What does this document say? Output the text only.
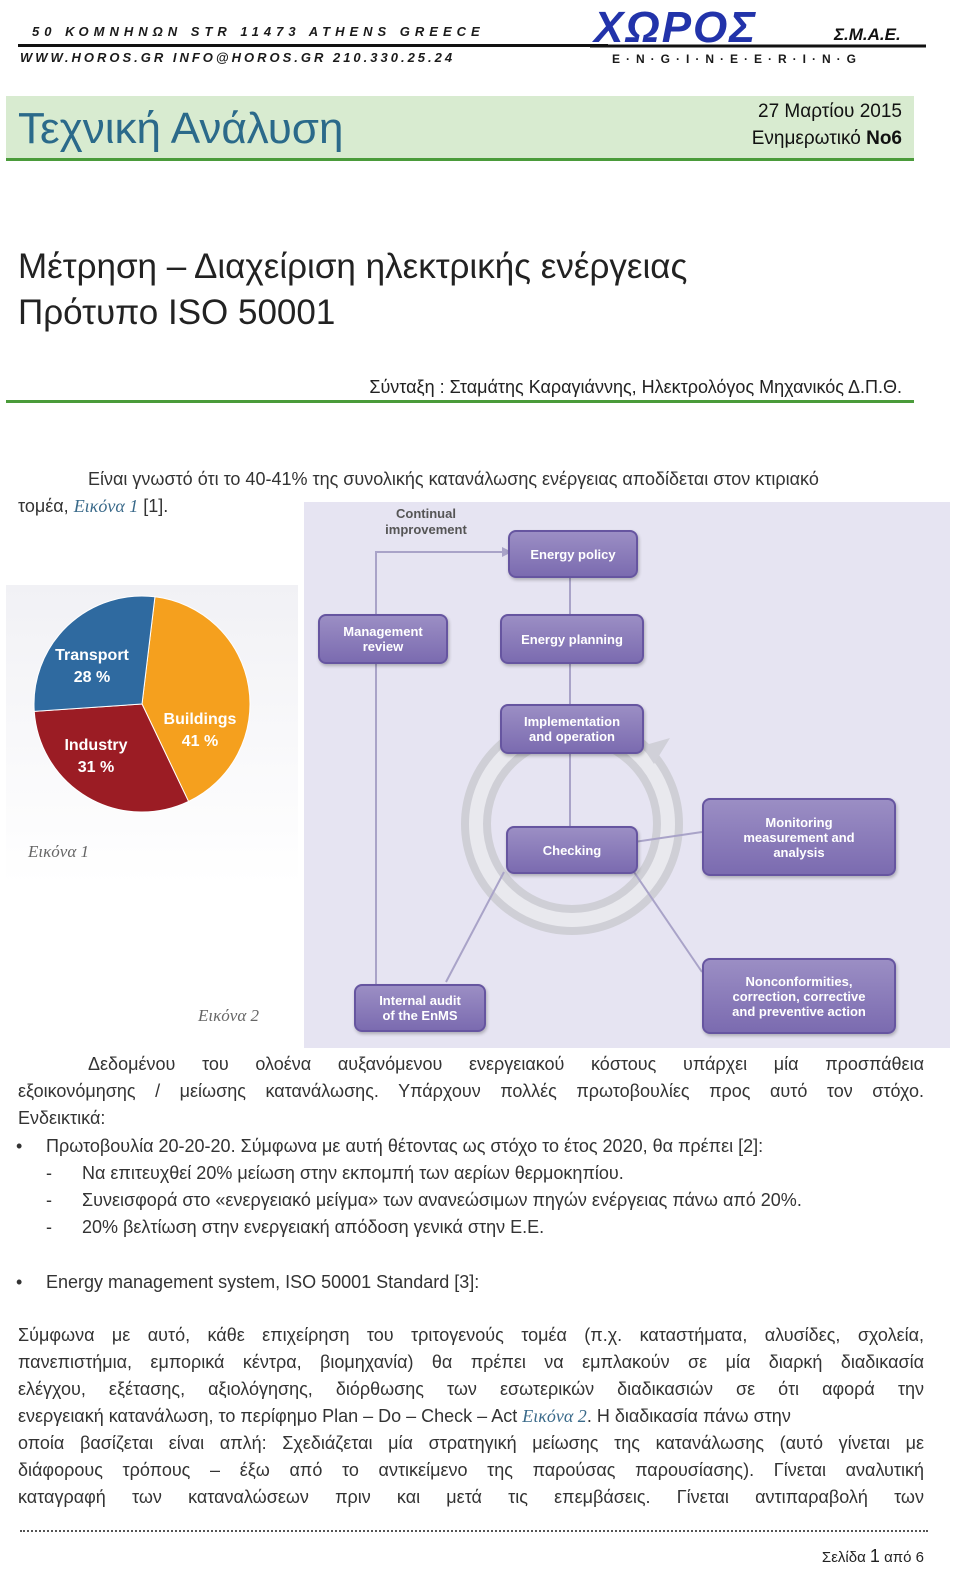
50 ΚΟΜΝΗΝΩΝ STR 11473 ATHENS GREECE
WWW.HOROS.GR INFO@HOROS.GR 210.330.25.24
ΧΩΡΟΣ	Σ.Μ.Α.Ε.
E·N·G·I·N·E·E·R·I·N·G
Τεχνική Ανάλυση	27 Μαρτίου 2015
Ενημερωτικό Νο6
Μέτρηση – Διαχείριση ηλεκτρικής ενέργειας
Πρότυπο ISO 50001
Σύνταξη : Σταμάτης Καραγιάννης, Ηλεκτρολόγος Μηχανικός Δ.Π.Θ.
Είναι γνωστό ότι το 40-41% της συνολικής κατανάλωσης ενέργειας αποδίδεται στον κτιριακό
τομέα, Εικόνα 1 [1].
Buildings
41 %
Industry
31 %
Transport
28 %
Εικόνα 1
Continual
improvement
Energy policy
Energy planning
Management
review
Implementation
and operation
Checking
Monitoring
measurement and
analysis
Internal audit
of the EnMS
Nonconformities,
correction, corrective
and preventive action
Εικόνα 2
Δεδομένου του ολοένα αυξανόμενου ενεργειακού κόστους υπάρχει μία προσπάθεια
εξοικονόμησης / μείωσης κατανάλωσης. Υπάρχουν πολλές πρωτοβουλίες προς αυτό τον στόχο.
Ενδεικτικά:
• Πρωτοβουλία 20-20-20. Σύμφωνα με αυτή θέτοντας ως στόχο το έτος 2020, θα πρέπει [2]:
- Να επιτευχθεί 20% μείωση στην εκπομπή των αερίων θερμοκηπίου.
- Συνεισφορά στο «ενεργειακό μείγμα» των ανανεώσιμων πηγών ενέργειας πάνω από 20%.
- 20% βελτίωση στην ενεργειακή απόδοση γενικά στην Ε.Ε.
• Energy management system, ISO 50001 Standard [3]:
Σύμφωνα με αυτό, κάθε επιχείρηση του τριτογενούς τομέα (π.χ. καταστήματα, αλυσίδες, σχολεία,
πανεπιστήμια, εμπορικά κέντρα, βιομηχανία) θα πρέπει να εμπλακούν σε μία διαρκή διαδικασία
ελέγχου, εξέτασης, αξιολόγησης, διόρθωσης των εσωτερικών διαδικασιών σε ότι αφορά την
ενεργειακή κατανάλωση, το περίφημο Plan – Do – Check – Act Εικόνα 2. Η διαδικασία πάνω στην
οποία βασίζεται είναι απλή: Σχεδιάζεται μία στρατηγική μείωσης της κατανάλωσης (αυτό γίνεται με
διάφορους τρόπους – έξω από το αντικείμενο της παρούσας παρουσίασης). Γίνεται αναλυτική
καταγραφή των καταναλώσεων πριν και μετά τις επεμβάσεις. Γίνεται αντιπαραβολή των
Σελίδα 1 από 6
